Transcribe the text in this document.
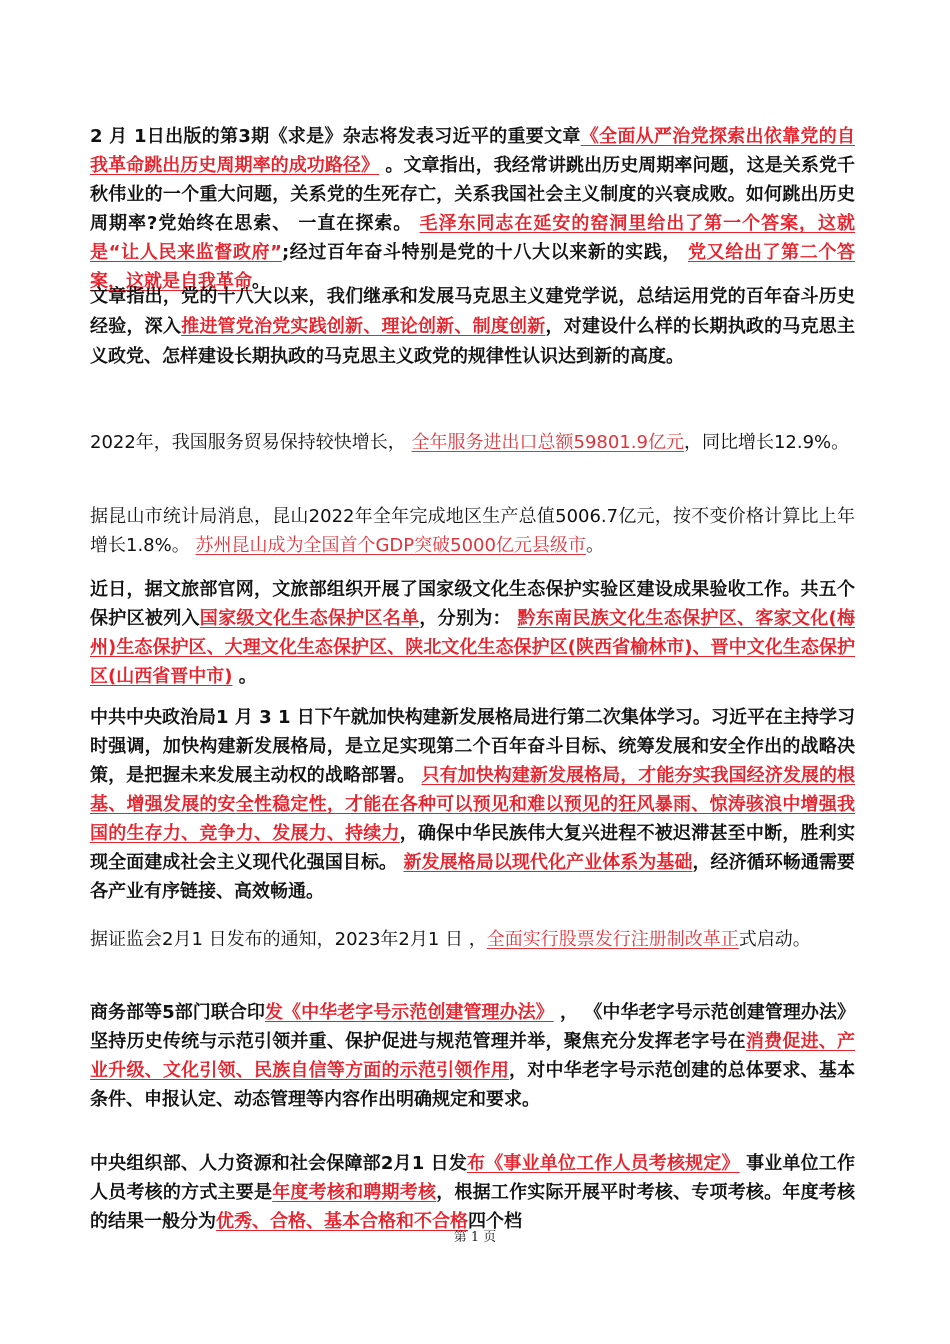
2 月 1日出版的第3期《求是》杂志将发表习近平的重要文章《全面从严治党探索出依靠党的自我革命跳出历史周期率的成功路径》 。文章指出，我经常讲跳出历史周期率问题，这是关系党千秋伟业的一个重大问题，关系党的生死存亡，关系我国社会主义制度的兴衰成败。如何跳出历史周期率?党始终在思索、 一直在探索。 毛泽东同志在延安的窑洞里给出了第一个答案，这就是“让人民来监督政府”;经过百年奋斗特别是党的十八大以来新的实践， 党又给出了第二个答案，这就是自我革命。

文章指出，党的十八大以来，我们继承和发展马克思主义建党学说，总结运用党的百年奋斗历史经验，深入推进管党治党实践创新、理论创新、制度创新，对建设什么样的长期执政的马克思主义政党、怎样建设长期执政的马克思主义政党的规律性认识达到新的高度。

2022年，我国服务贸易保持较快增长， 全年服务进出口总额59801.9亿元，同比增长12.9%。

据昆山市统计局消息，昆山2022年全年完成地区生产总值5006.7亿元，按不变价格计算比上年增长1.8%。 苏州昆山成为全国首个GDP突破5000亿元县级市。

近日，据文旅部官网，文旅部组织开展了国家级文化生态保护实验区建设成果验收工作。共五个保护区被列入国家级文化生态保护区名单，分别为： 黔东南民族文化生态保护区、客家文化(梅州)生态保护区、大理文化生态保护区、陕北文化生态保护区(陕西省榆林市)、晋中文化生态保护区(山西省晋中市) 。

中共中央政治局1 月 3 1 日下午就加快构建新发展格局进行第二次集体学习。习近平在主持学习时强调，加快构建新发展格局，是立足实现第二个百年奋斗目标、统筹发展和安全作出的战略决策，是把握未来发展主动权的战略部署。 只有加快构建新发展格局，才能夯实我国经济发展的根基、增强发展的安全性稳定性，才能在各种可以预见和难以预见的狂风暴雨、惊涛骇浪中增强我国的生存力、竞争力、发展力、持续力，确保中华民族伟大复兴进程不被迟滞甚至中断，胜利实现全面建成社会主义现代化强国目标。 新发展格局以现代化产业体系为基础，经济循环畅通需要各产业有序链接、高效畅通。

据证监会2月1 日发布的通知，2023年2月1 日 ，全面实行股票发行注册制改革正式启动。

商务部等5部门联合印发《中华老字号示范创建管理办法》 ， 《中华老字号示范创建管理办法》坚持历史传统与示范引领并重、保护促进与规范管理并举，聚焦充分发挥老字号在消费促进、产业升级、文化引领、民族自信等方面的示范引领作用，对中华老字号示范创建的总体要求、基本条件、申报认定、动态管理等内容作出明确规定和要求。

中央组织部、人力资源和社会保障部2月1 日发布《事业单位工作人员考核规定》 事业单位工作人员考核的方式主要是年度考核和聘期考核，根据工作实际开展平时考核、专项考核。年度考核的结果一般分为优秀、合格、基本合格和不合格四个档

第 1 页
